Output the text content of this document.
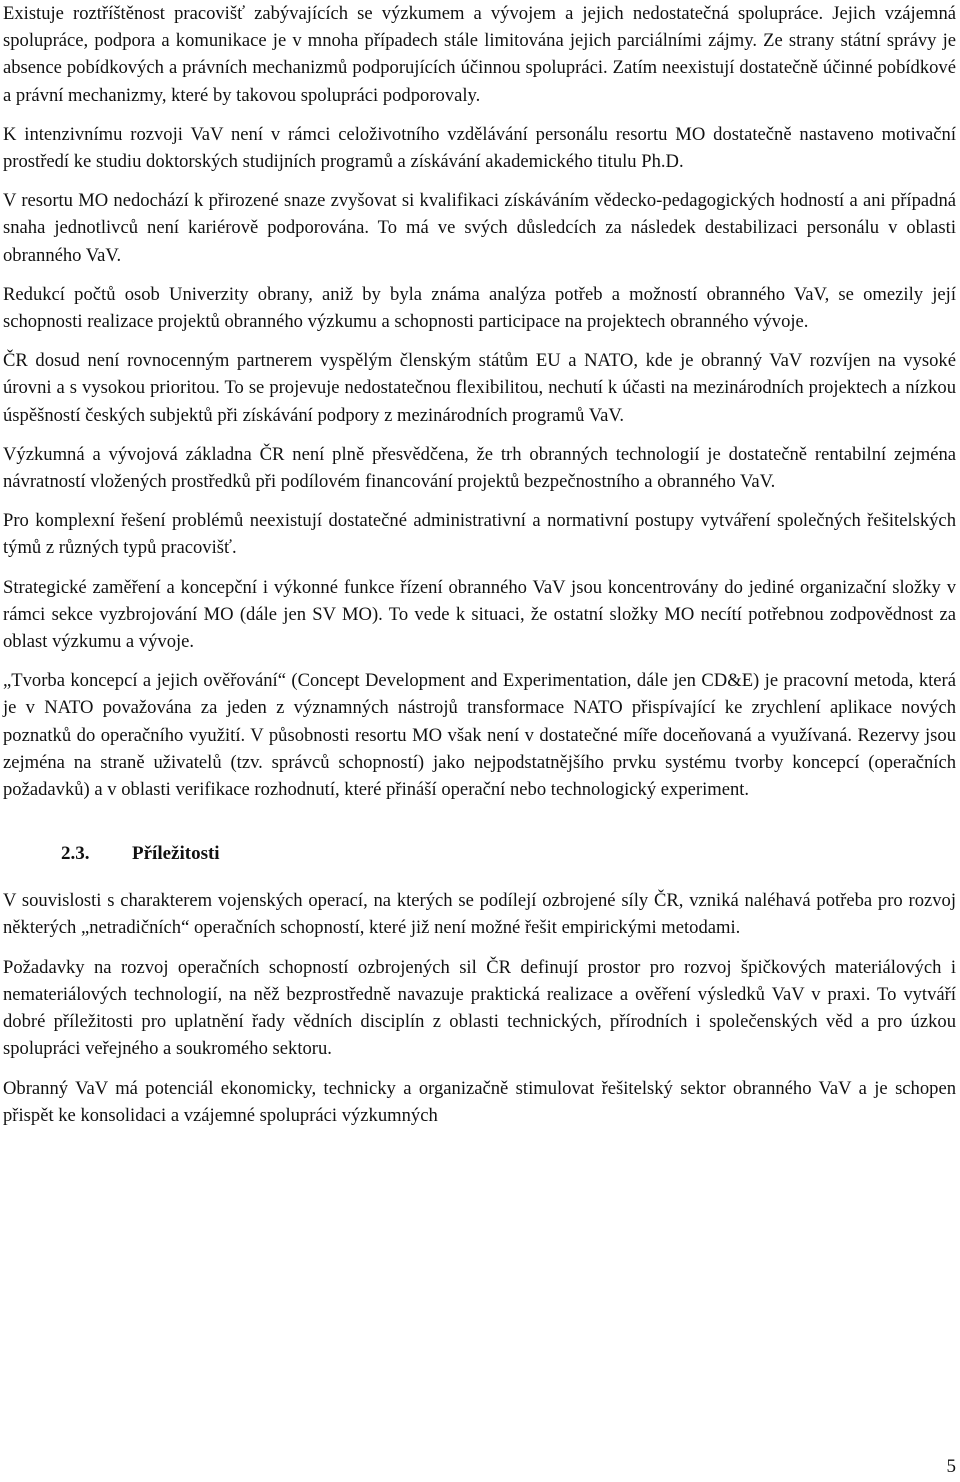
Existuje roztříštěnost pracovišť zabývajících se výzkumem a vývojem a jejich nedostatečná spolupráce. Jejich vzájemná spolupráce, podpora a komunikace je v mnoha případech stále limitována jejich parciálními zájmy. Ze strany státní správy je absence pobídkových a právních mechanizmů podporujících účinnou spolupráci. Zatím neexistují dostatečně účinné pobídkové a právní mechanizmy, které by takovou spolupráci podporovaly.

K intenzivnímu rozvoji VaV není v rámci celoživotního vzdělávání personálu resortu MO dostatečně nastaveno motivační prostředí ke studiu doktorských studijních programů a získávání akademického titulu Ph.D.

V resortu MO nedochází k přirozené snaze zvyšovat si kvalifikaci získáváním vědecko-pedagogických hodností a ani případná snaha jednotlivců není kariérově podporována. To má ve svých důsledcích za následek destabilizaci personálu v oblasti obranného VaV.

Redukcí počtů osob Univerzity obrany, aniž by byla známa analýza potřeb a možností obranného VaV, se omezily její schopnosti realizace projektů obranného výzkumu a schopnosti participace na projektech obranného vývoje.

ČR dosud není rovnocenným partnerem vyspělým členským státům EU a NATO, kde je obranný VaV rozvíjen na vysoké úrovni a s vysokou prioritou. To se projevuje nedostatečnou flexibilitou, nechutí k účasti na mezinárodních projektech a nízkou úspěšností českých subjektů při získávání podpory z mezinárodních programů VaV.

Výzkumná a vývojová základna ČR není plně přesvědčena, že trh obranných technologií je dostatečně rentabilní zejména návratností vložených prostředků při podílovém financování projektů bezpečnostního a obranného VaV.

Pro komplexní řešení problémů neexistují dostatečné administrativní a normativní postupy vytváření společných řešitelských týmů z různých typů pracovišť.

Strategické zaměření a koncepční i výkonné funkce řízení obranného VaV jsou koncentrovány do jediné organizační složky v rámci sekce vyzbrojování MO (dále jen SV MO). To vede k situaci, že ostatní složky MO necítí potřebnou zodpovědnost za oblast výzkumu a vývoje.

„Tvorba koncepcí a jejich ověřování“ (Concept Development and Experimentation, dále jen CD&E) je pracovní metoda, která je v NATO považována za jeden z významných nástrojů transformace NATO přispívající ke zrychlení aplikace nových poznatků do operačního využití. V působnosti resortu MO však není v dostatečné míře doceňovaná a využívaná. Rezervy jsou zejména na straně uživatelů (tzv. správců schopností) jako nejpodstatnějšího prvku systému tvorby koncepcí (operačních požadavků) a v oblasti verifikace rozhodnutí, které přináší operační nebo technologický experiment.

2.3. Příležitosti

V souvislosti s charakterem vojenských operací, na kterých se podílejí ozbrojené síly ČR, vzniká naléhavá potřeba pro rozvoj některých „netradičních“ operačních schopností, které již není možné řešit empirickými metodami.

Požadavky na rozvoj operačních schopností ozbrojených sil ČR definují prostor pro rozvoj špičkových materiálových i nemateriálových technologií, na něž bezprostředně navazuje praktická realizace a ověření výsledků VaV v praxi. To vytváří dobré příležitosti pro uplatnění řady vědních disciplín z oblasti technických, přírodních i společenských věd a pro úzkou spolupráci veřejného a soukromého sektoru.

Obranný VaV má potenciál ekonomicky, technicky a organizačně stimulovat řešitelský sektor obranného VaV a je schopen přispět ke konsolidaci a vzájemné spolupráci výzkumných

5
